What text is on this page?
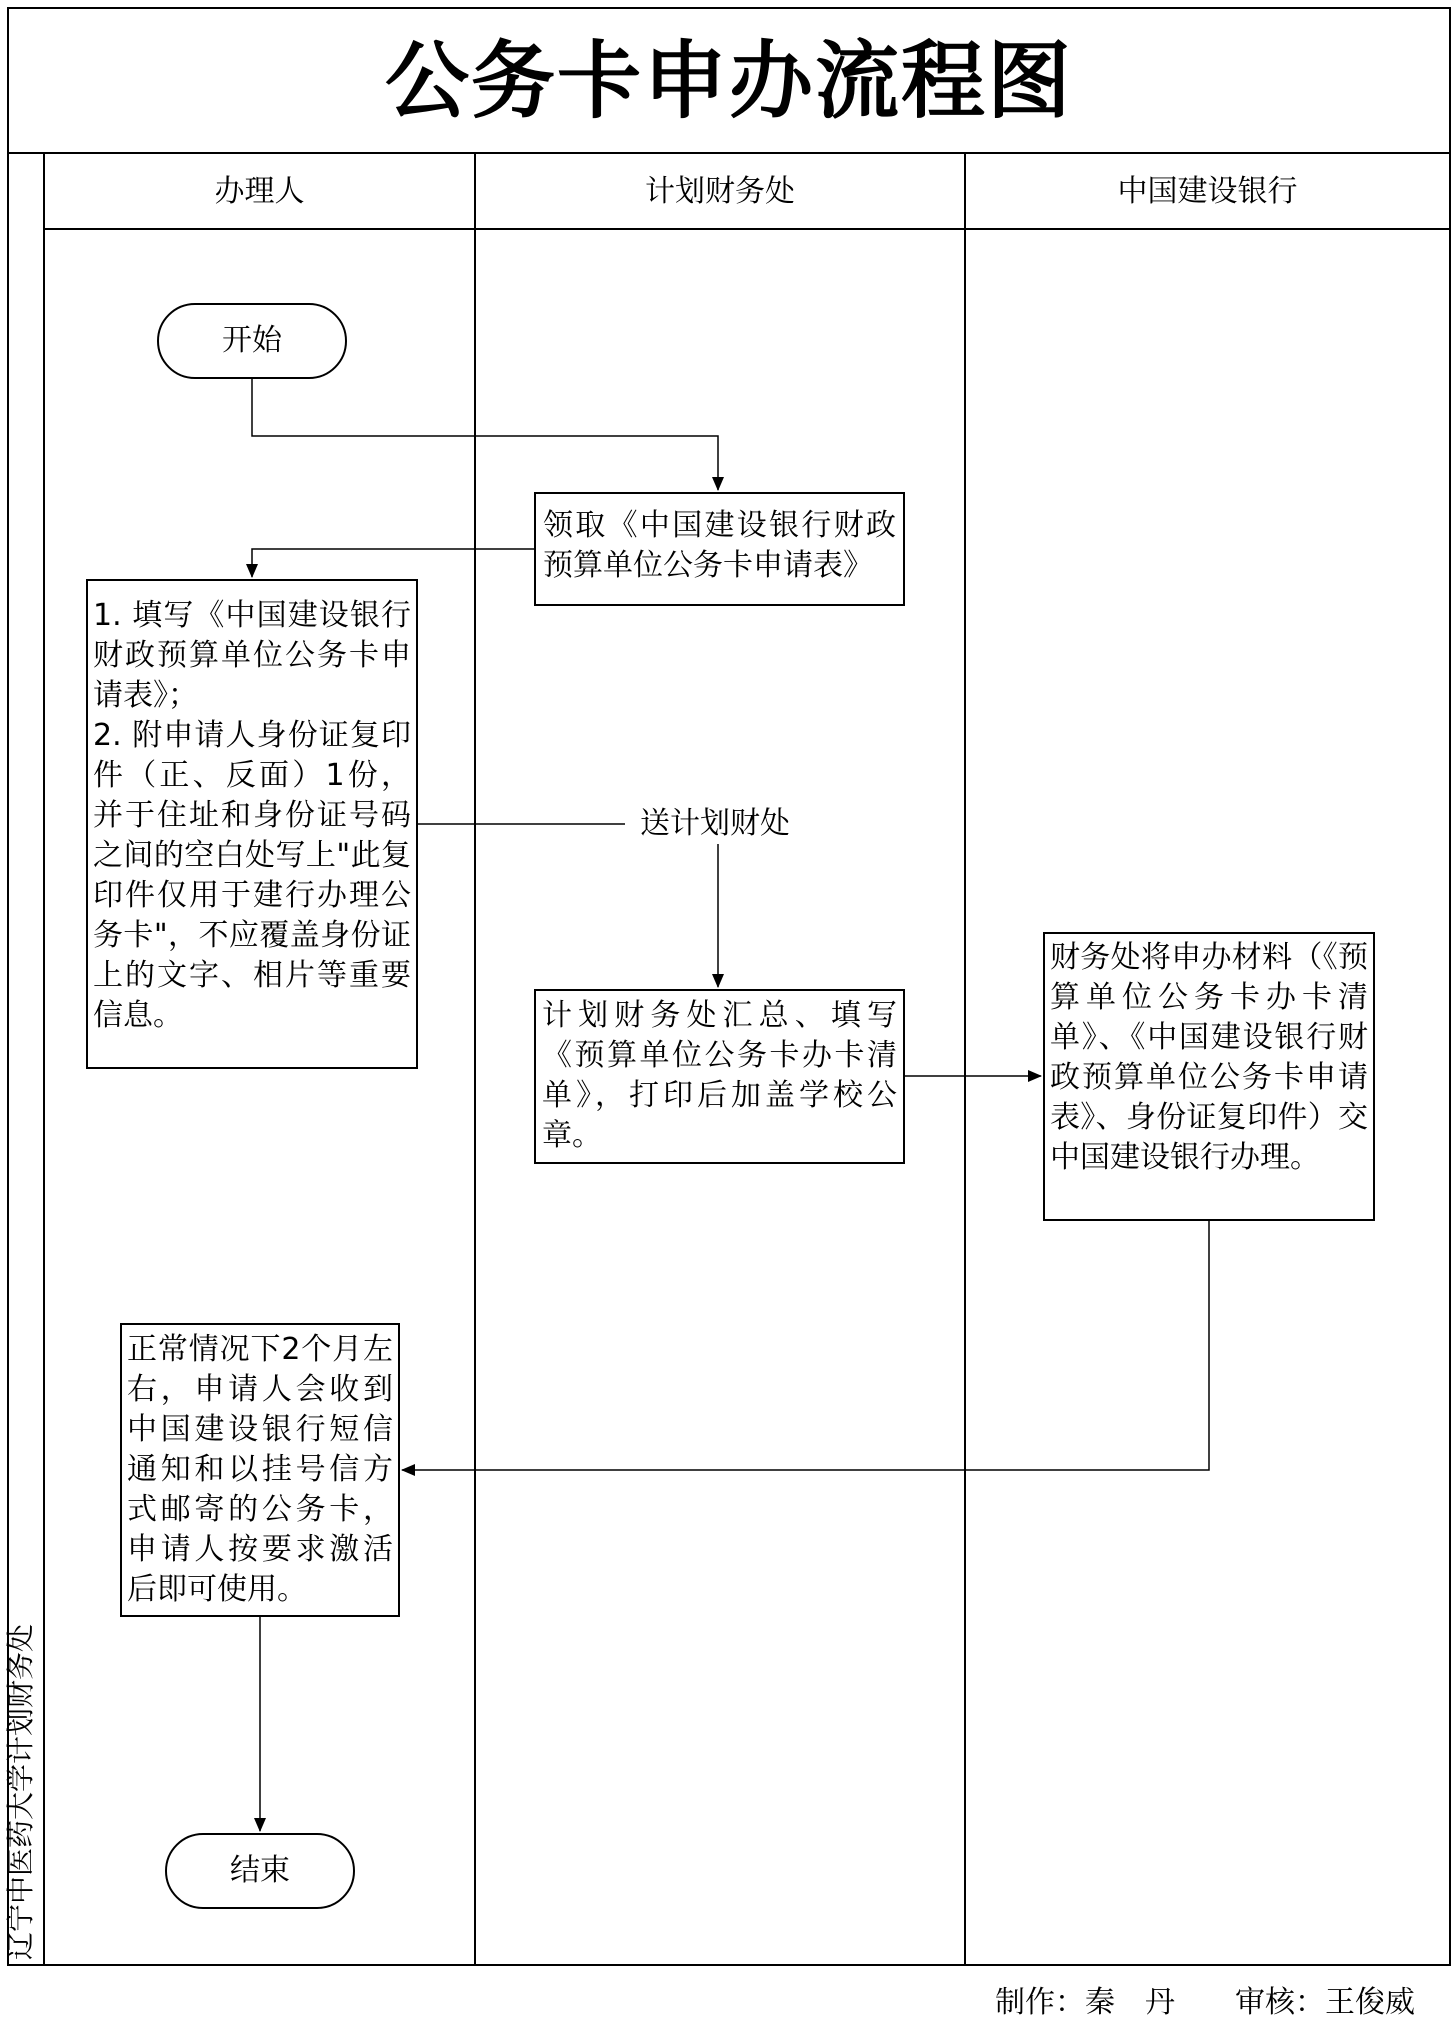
公务卡申办流程图
办理人	计划财务处	中国建设银行
辽宁中医药大学计划财务处
开始
领取《中国建设银行财政预算单位公务卡申请表》
1. 填写《中国建设银行财政预算单位公务卡申请表》；
2. 附申请人身份证复印件（正、反面）1份，并于住址和身份证号码之间的空白处写上"此复印件仅用于建行办理公务卡"，不应覆盖身份证上的文字、相片等重要信息。
送计划财处
计划财务处汇总、填写《预算单位公务卡办卡清单》，打印后加盖学校公章。
财务处将申办材料（《预算单位公务卡办卡清单》、《中国建设银行财政预算单位公务卡申请表》、身份证复印件）交中国建设银行办理。
正常情况下2个月左右，申请人会收到中国建设银行短信通知和以挂号信方式邮寄的公务卡，申请人按要求激活后即可使用。
结束
制作：秦　丹　　 审核：王俊威
